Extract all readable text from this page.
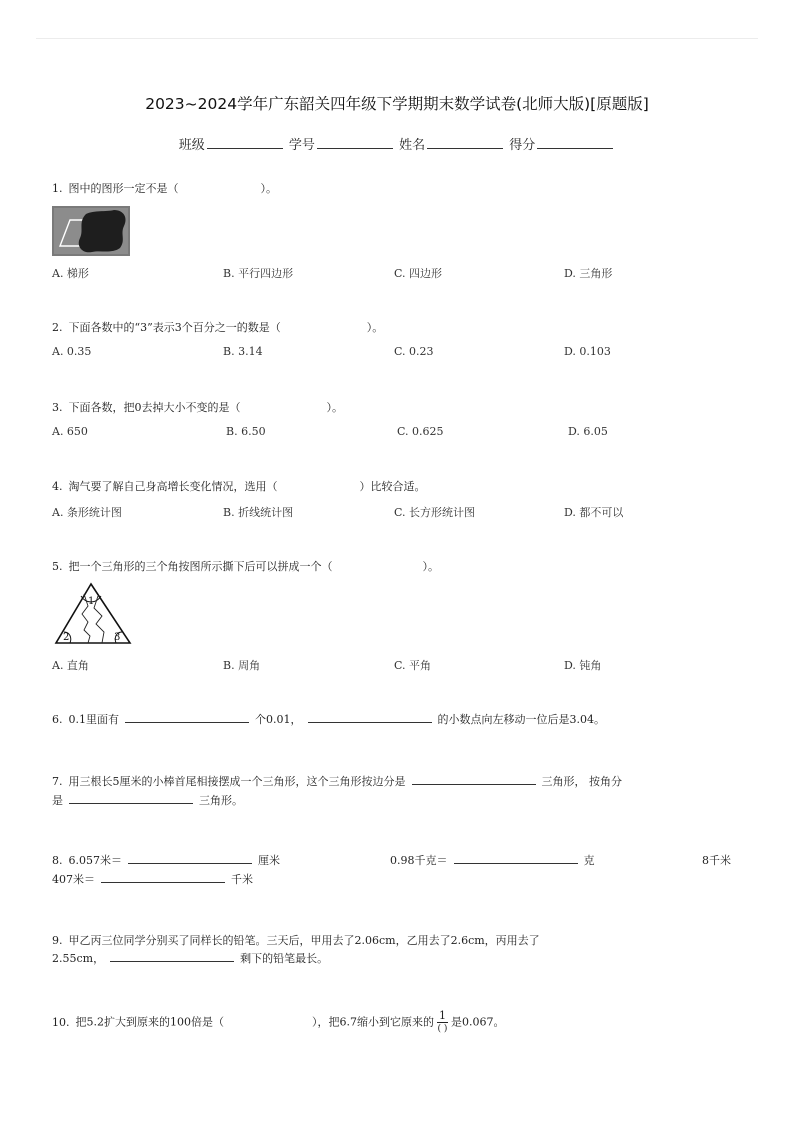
2023~2024学年广东韶关四年级下学期期末数学试卷(北师大版)[原题版]
班级	学号	姓名	得分
1. 图中的图形一定不是（	）。
A. 梯形	B. 平行四边形	C. 四边形	D. 三角形
2. 下面各数中的“3”表示3个百分之一的数是（	）。
A. 0.35	B. 3.14	C. 0.23	D. 0.103
3. 下面各数，把0去掉大小不变的是（	）。
A. 650	B. 6.50	C. 0.625	D. 6.05
4. 淘气要了解自己身高增长变化情况，选用（	）比较合适。
A. 条形统计图	B. 折线统计图	C. 长方形统计图	D. 都不可以
5. 把一个三角形的三个角按图所示撕下后可以拼成一个（	）。
1
2	3
A. 直角	B. 周角	C. 平角	D. 钝角
6. 0.1里面有	个0.01，	的小数点向左移动一位后是3.04。
7. 用三根长5厘米的小棒首尾相接摆成一个三角形，这个三角形按边分是	三角形， 按角分
是	三角形。
8. 6.057米＝	厘米	0.98千克＝	克	8千米
407米＝	千米
9. 甲乙丙三位同学分别买了同样长的铅笔。三天后，甲用去了2.06cm，乙用去了2.6cm，丙用去了
2.55cm，	剩下的铅笔最长。
10. 把5.2扩大到原来的100倍是（	），把6.7缩小到它原来的 $\frac{1}{( )}$ 是0.067。
